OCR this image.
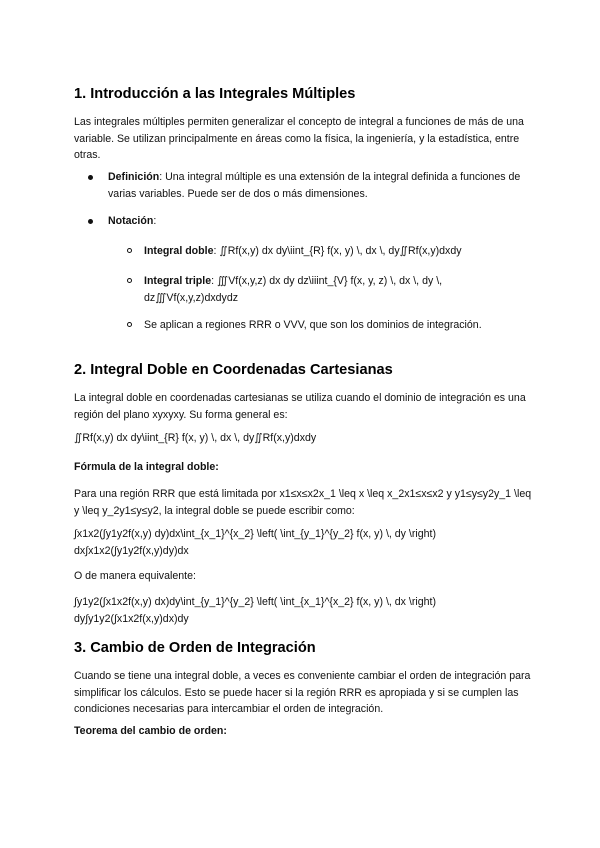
1. Introducción a las Integrales Múltiples

Las integrales múltiples permiten generalizar el concepto de integral a funciones de más de una variable. Se utilizan principalmente en áreas como la física, la ingeniería, y la estadística, entre otras.

Definición: Una integral múltiple es una extensión de la integral definida a funciones de varias variables. Puede ser de dos o más dimensiones.
Notación:
Integral doble: ∬Rf(x,y) dx dy\iint_{R} f(x, y) \, dx \, dy∬Rf(x,y)dxdy
Integral triple: ∭Vf(x,y,z) dx dy dz\iiint_{V} f(x, y, z) \, dx \, dy \, dz∭Vf(x,y,z)dxdydz
Se aplican a regiones RRR o VVV, que son los dominios de integración.
2. Integral Doble en Coordenadas Cartesianas

La integral doble en coordenadas cartesianas se utiliza cuando el dominio de integración es una región del plano xyxyxy. Su forma general es:

∬Rf(x,y) dx dy\iint_{R} f(x, y) \, dx \, dy∬Rf(x,y)dxdy

Fórmula de la integral doble:

Para una región RRR que está limitada por x1≤x≤x2x_1 \leq x \leq x_2x1≤x≤x2 y y1≤y≤y2y_1 \leq y \leq y_2y1≤y≤y2, la integral doble se puede escribir como:

∫x1x2(∫y1y2f(x,y) dy)dx\int_{x_1}^{x_2} \left( \int_{y_1}^{y_2} f(x, y) \, dy \right) dx∫x1x2(∫y1y2f(x,y)dy)dx

O de manera equivalente:

∫y1y2(∫x1x2f(x,y) dx)dy\int_{y_1}^{y_2} \left( \int_{x_1}^{x_2} f(x, y) \, dx \right) dy∫y1y2(∫x1x2f(x,y)dx)dy

3. Cambio de Orden de Integración

Cuando se tiene una integral doble, a veces es conveniente cambiar el orden de integración para simplificar los cálculos. Esto se puede hacer si la región RRR es apropiada y si se cumplen las condiciones necesarias para intercambiar el orden de integración.

Teorema del cambio de orden:
